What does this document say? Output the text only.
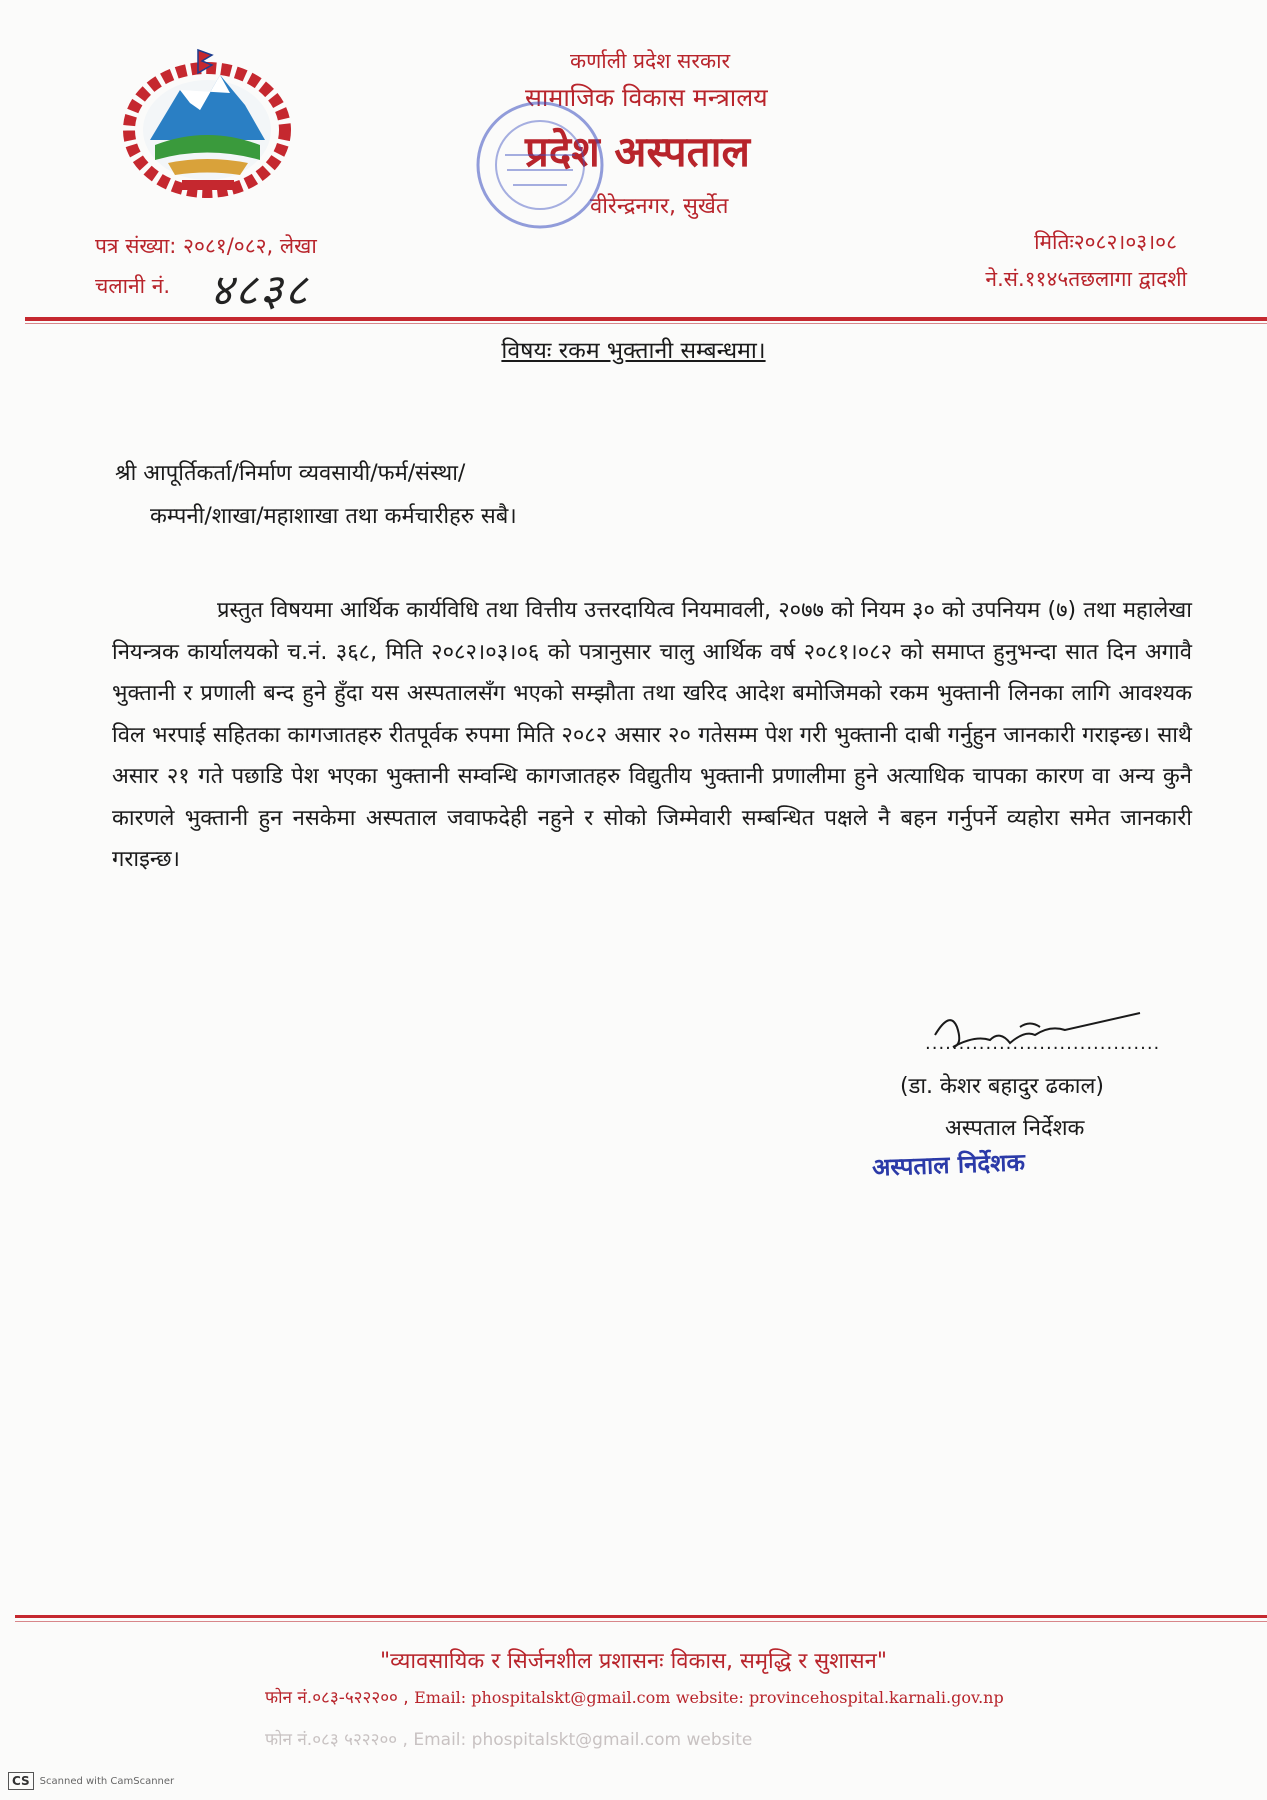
कर्णाली प्रदेश सरकार
सामाजिक विकास मन्त्रालय
प्रदेश अस्पताल
वीरेन्द्रनगर, सुर्खेत
पत्र संख्या: २०८१/०८२, लेखा
चलानी नं. ४८३८
मितिः२०८२।०३।०८
ने.सं.११४५तछलागा द्वादशी
विषयः रकम भुक्तानी सम्बन्धमा।
श्री आपूर्तिकर्ता/निर्माण व्यवसायी/फर्म/संस्था/
कम्पनी/शाखा/महाशाखा तथा कर्मचारीहरु सबै।

प्रस्तुत विषयमा आर्थिक कार्यविधि तथा वित्तीय उत्तरदायित्व नियमावली, २०७७ को नियम ३० को उपनियम (७) तथा महालेखा नियन्त्रक कार्यालयको च.नं. ३६८, मिति २०८२।०३।०६ को पत्रानुसार चालु आर्थिक वर्ष २०८१।०८२ को समाप्त हुनुभन्दा सात दिन अगावै भुक्तानी र प्रणाली बन्द हुने हुँदा यस अस्पतालसँग भएको सम्झौता तथा खरिद आदेश बमोजिमको रकम भुक्तानी लिनका लागि आवश्यक विल भरपाई सहितका कागजातहरु रीतपूर्वक रुपमा मिति २०८२ असार २० गतेसम्म पेश गरी भुक्तानी दाबी गर्नुहुन जानकारी गराइन्छ। साथै असार २१ गते पछाडि पेश भएका भुक्तानी सम्वन्धि कागजातहरु विद्युतीय भुक्तानी प्रणालीमा हुने अत्याधिक चापका कारण वा अन्य कुनै कारणले भुक्तानी हुन नसकेमा अस्पताल जवाफदेही नहुने र सोको जिम्मेवारी सम्बन्धित पक्षले नै बहन गर्नुपर्ने व्यहोरा समेत जानकारी गराइन्छ।

...................................
(डा. केशर बहादुर ढकाल)
अस्पताल निर्देशक
अस्पताल निर्देशक
"व्यावसायिक र सिर्जनशील प्रशासनः विकास, समृद्धि र सुशासन"
फोन नं.०८३-५२२२०० , Email: phospitalskt@gmail.com website: provincehospital.karnali.gov.np
फोन नं.०८३ ५२२२०० , Email: phospitalskt@gmail.com website
CS	Scanned with CamScanner
